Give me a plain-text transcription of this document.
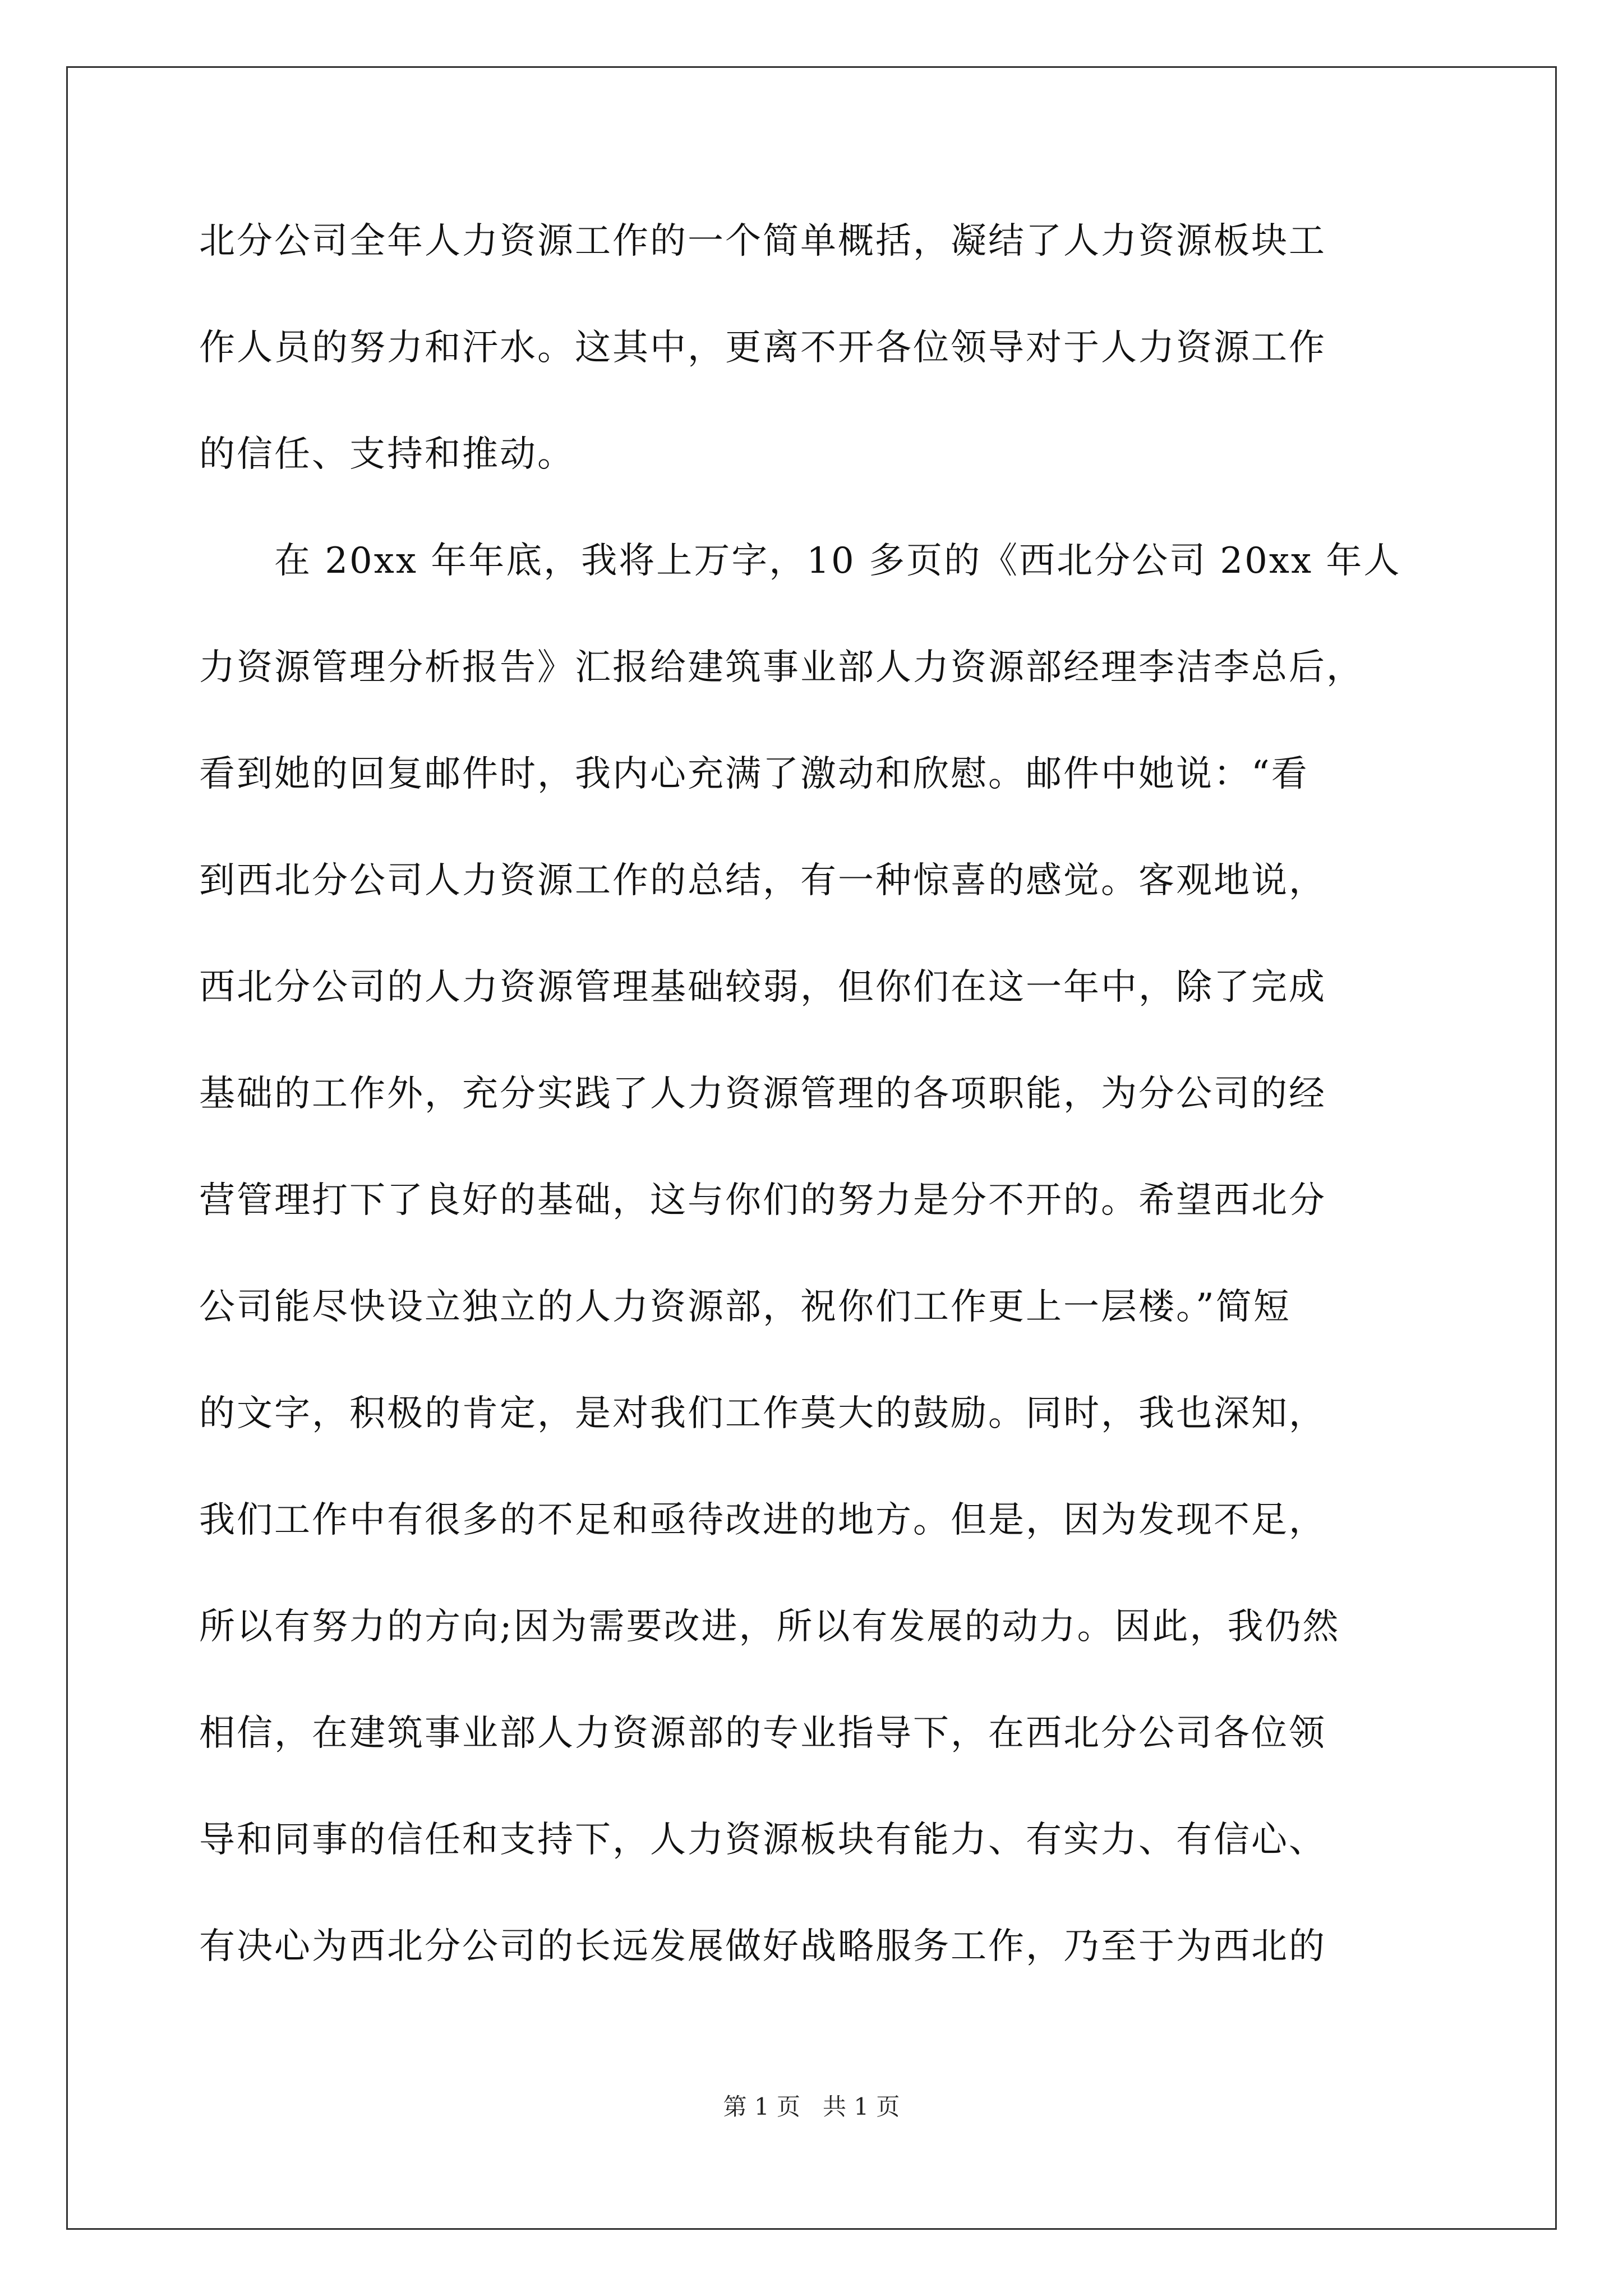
北分公司全年人力资源工作的一个简单概括，凝结了人力资源板块工
作人员的努力和汗水。这其中，更离不开各位领导对于人力资源工作
的信任、支持和推动。
　　在 20xx 年年底，我将上万字，10 多页的《西北分公司 20xx 年人
力资源管理分析报告》汇报给建筑事业部人力资源部经理李洁李总后，
看到她的回复邮件时，我内心充满了激动和欣慰。邮件中她说：“看
到西北分公司人力资源工作的总结，有一种惊喜的感觉。客观地说，
西北分公司的人力资源管理基础较弱，但你们在这一年中，除了完成
基础的工作外，充分实践了人力资源管理的各项职能，为分公司的经
营管理打下了良好的基础，这与你们的努力是分不开的。希望西北分
公司能尽快设立独立的人力资源部，祝你们工作更上一层楼。”简短
的文字，积极的肯定，是对我们工作莫大的鼓励。同时，我也深知，
我们工作中有很多的不足和亟待改进的地方。但是，因为发现不足，
所以有努力的方向;因为需要改进，所以有发展的动力。因此，我仍然
相信，在建筑事业部人力资源部的专业指导下，在西北分公司各位领
导和同事的信任和支持下，人力资源板块有能力、有实力、有信心、
有决心为西北分公司的长远发展做好战略服务工作，乃至于为西北的
第 1 页 共 1 页
